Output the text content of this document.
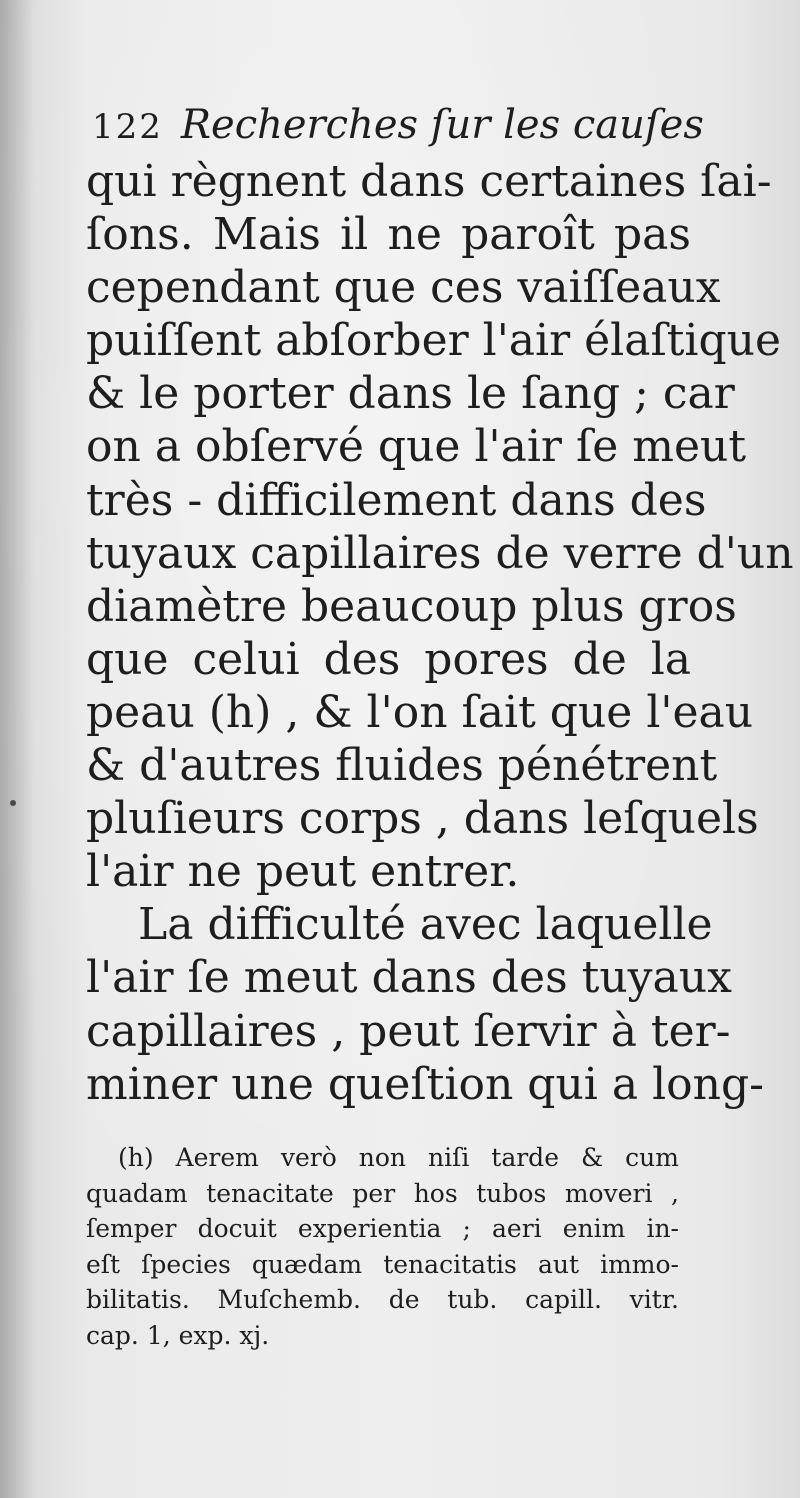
122 Recherches ſur les cauſes
qui règnent dans certaines ſai-
ſons. Mais il ne paroît pas
cependant que ces vaiſſeaux
puiſſent abſorber l'air élaſtique
& le porter dans le ſang ; car
on a obſervé que l'air ſe meut
très - difficilement dans des
tuyaux capillaires de verre d'un
diamètre beaucoup plus gros
que celui des pores de la
peau (h) , & l'on ſait que l'eau
& d'autres fluides pénétrent
pluſieurs corps , dans leſquels
l'air ne peut entrer.
La difficulté avec laquelle
l'air ſe meut dans des tuyaux
capillaires , peut ſervir à ter-
miner une queſtion qui a long-
(h) Aerem verò non niſi tarde & cum
quadam tenacitate per hos tubos moveri ,
ſemper docuit experientia ; aeri enim in-
eſt ſpecies quædam tenacitatis aut immo-
bilitatis. Muſchemb. de tub. capill. vitr.
cap. 1, exp. xj.
